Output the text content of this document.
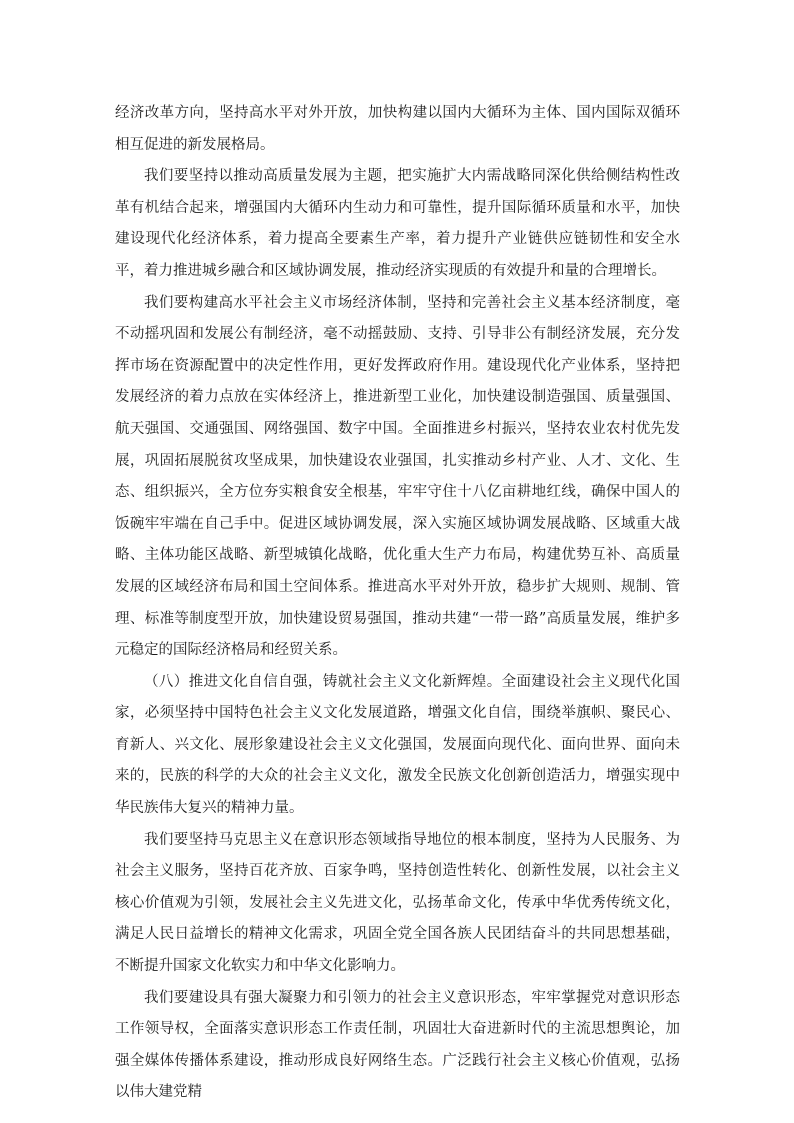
经济改革方向，坚持高水平对外开放，加快构建以国内大循环为主体、国内国际双循环相互促进的新发展格局。

我们要坚持以推动高质量发展为主题，把实施扩大内需战略同深化供给侧结构性改革有机结合起来，增强国内大循环内生动力和可靠性，提升国际循环质量和水平，加快建设现代化经济体系，着力提高全要素生产率，着力提升产业链供应链韧性和安全水平，着力推进城乡融合和区域协调发展，推动经济实现质的有效提升和量的合理增长。

我们要构建高水平社会主义市场经济体制，坚持和完善社会主义基本经济制度，毫不动摇巩固和发展公有制经济，毫不动摇鼓励、支持、引导非公有制经济发展，充分发挥市场在资源配置中的决定性作用，更好发挥政府作用。建设现代化产业体系，坚持把发展经济的着力点放在实体经济上，推进新型工业化，加快建设制造强国、质量强国、航天强国、交通强国、网络强国、数字中国。全面推进乡村振兴，坚持农业农村优先发展，巩固拓展脱贫攻坚成果，加快建设农业强国，扎实推动乡村产业、人才、文化、生态、组织振兴，全方位夯实粮食安全根基，牢牢守住十八亿亩耕地红线，确保中国人的饭碗牢牢端在自己手中。促进区域协调发展，深入实施区域协调发展战略、区域重大战略、主体功能区战略、新型城镇化战略，优化重大生产力布局，构建优势互补、高质量发展的区域经济布局和国土空间体系。推进高水平对外开放，稳步扩大规则、规制、管理、标准等制度型开放，加快建设贸易强国，推动共建“一带一路”高质量发展，维护多元稳定的国际经济格局和经贸关系。

（八）推进文化自信自强，铸就社会主义文化新辉煌。全面建设社会主义现代化国家，必须坚持中国特色社会主义文化发展道路，增强文化自信，围绕举旗帜、聚民心、育新人、兴文化、展形象建设社会主义文化强国，发展面向现代化、面向世界、面向未来的，民族的科学的大众的社会主义文化，激发全民族文化创新创造活力，增强实现中华民族伟大复兴的精神力量。

我们要坚持马克思主义在意识形态领域指导地位的根本制度，坚持为人民服务、为社会主义服务，坚持百花齐放、百家争鸣，坚持创造性转化、创新性发展，以社会主义核心价值观为引领，发展社会主义先进文化，弘扬革命文化，传承中华优秀传统文化，满足人民日益增长的精神文化需求，巩固全党全国各族人民团结奋斗的共同思想基础，不断提升国家文化软实力和中华文化影响力。

我们要建设具有强大凝聚力和引领力的社会主义意识形态，牢牢掌握党对意识形态工作领导权，全面落实意识形态工作责任制，巩固壮大奋进新时代的主流思想舆论，加强全媒体传播体系建设，推动形成良好网络生态。广泛践行社会主义核心价值观，弘扬以伟大建党精
